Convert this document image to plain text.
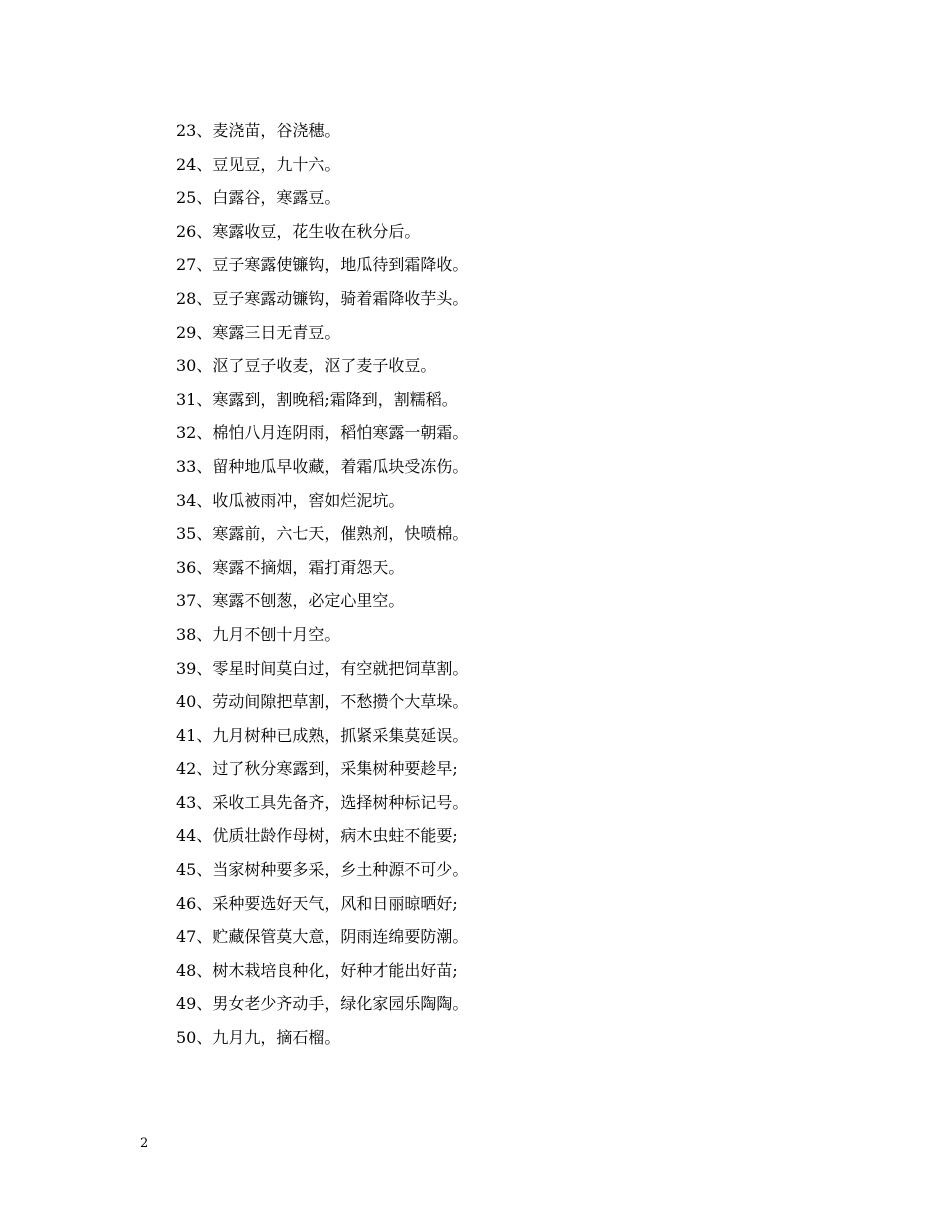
23、麦浇苗，谷浇穗。
24、豆见豆，九十六。
25、白露谷，寒露豆。
26、寒露收豆，花生收在秋分后。
27、豆子寒露使镰钩，地瓜待到霜降收。
28、豆子寒露动镰钩，骑着霜降收芋头。
29、寒露三日无青豆。
30、沤了豆子收麦，沤了麦子收豆。
31、寒露到，割晚稻;霜降到，割糯稻。
32、棉怕八月连阴雨，稻怕寒露一朝霜。
33、留种地瓜早收藏，着霜瓜块受冻伤。
34、收瓜被雨冲，窖如烂泥坑。
35、寒露前，六七天，催熟剂，快喷棉。
36、寒露不摘烟，霜打甭怨天。
37、寒露不刨葱，必定心里空。
38、九月不刨十月空。
39、零星时间莫白过，有空就把饲草割。
40、劳动间隙把草割，不愁攒个大草垛。
41、九月树种已成熟，抓紧采集莫延误。
42、过了秋分寒露到，采集树种要趁早;
43、采收工具先备齐，选择树种标记号。
44、优质壮龄作母树，病木虫蛀不能要;
45、当家树种要多采，乡土种源不可少。
46、采种要选好天气，风和日丽晾晒好;
47、贮藏保管莫大意，阴雨连绵要防潮。
48、树木栽培良种化，好种才能出好苗;
49、男女老少齐动手，绿化家园乐陶陶。
50、九月九，摘石榴。
2
